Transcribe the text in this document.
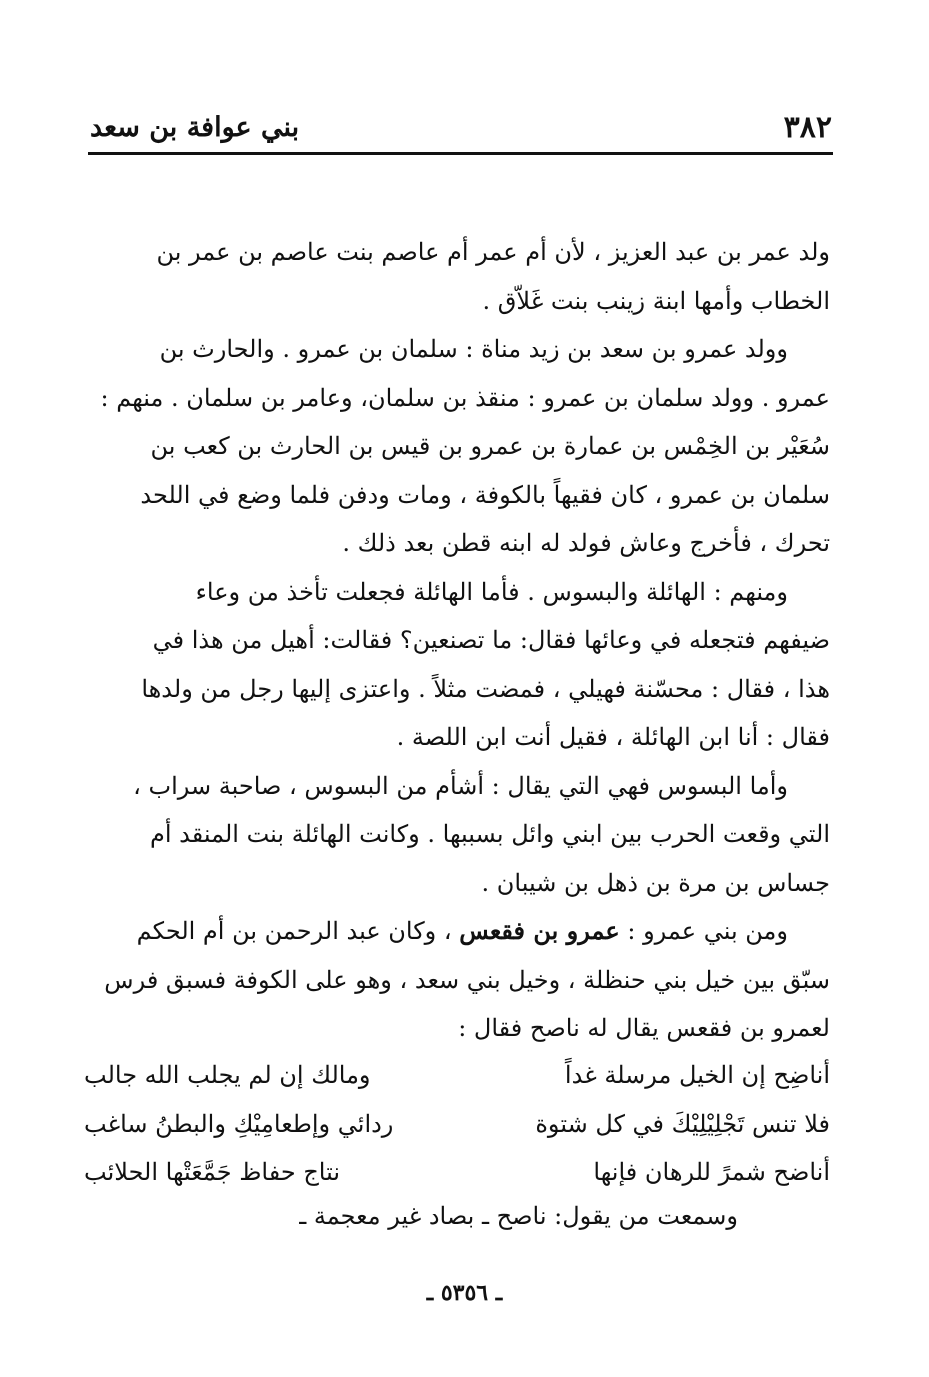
٣٨٢
بني عوافة بن سعد
ولد عمر بن عبد العزيز ، لأن أم عمر أم عاصم بنت عاصم بن عمر بن
الخطاب وأمها ابنة زينب بنت غَلاّق .
وولد عمرو بن سعد بن زيد مناة : سلمان بن عمرو . والحارث بن
عمرو . وولد سلمان بن عمرو : منقذ بن سلمان، وعامر بن سلمان . منهم :
سُعَيْر بن الخِمْس بن عمارة بن عمرو بن قيس بن الحارث بن كعب بن
سلمان بن عمرو ، كان فقيهاً بالكوفة ، ومات ودفن فلما وضع في اللحد
تحرك ، فأخرج وعاش فولد له ابنه قطن بعد ذلك .
ومنهم : الهائلة والبسوس . فأما الهائلة فجعلت تأخذ من وعاء
ضيفهم فتجعله في وعائها فقال: ما تصنعين؟ فقالت: أهيل من هذا في
هذا ، فقال : محسّنة فهيلي ، فمضت مثلاً . واعتزى إليها رجل من ولدها
فقال : أنا ابن الهائلة ، فقيل أنت ابن اللصة .
وأما البسوس فهي التي يقال : أشأم من البسوس ، صاحبة سراب ،
التي وقعت الحرب بين ابني وائل بسببها . وكانت الهائلة بنت المنقد أم
جساس بن مرة بن ذهل بن شيبان .
ومن بني عمرو : عمرو بن فقعس ، وكان عبد الرحمن بن أم الحكم
سبّق بين خيل بني حنظلة ، وخيل بني سعد ، وهو على الكوفة فسبق فرس
لعمرو بن فقعس يقال له ناصح فقال :
أناضِح إن الخيل مرسلة غداً
ومالك إن لم يجلب الله جالب
فلا تنس تَجْلِيْلِيْكَ في كل شتوة
ردائي وإطعامِيْكِ والبطنُ ساغب
أناضح شمرً للرهان فإنها
نتاج حفاظ جَمَّعَتْها الحلائب
وسمعت من يقول: ناصح ـ بصاد غير معجمة ـ
ـ ٥٣٥٦ ـ
